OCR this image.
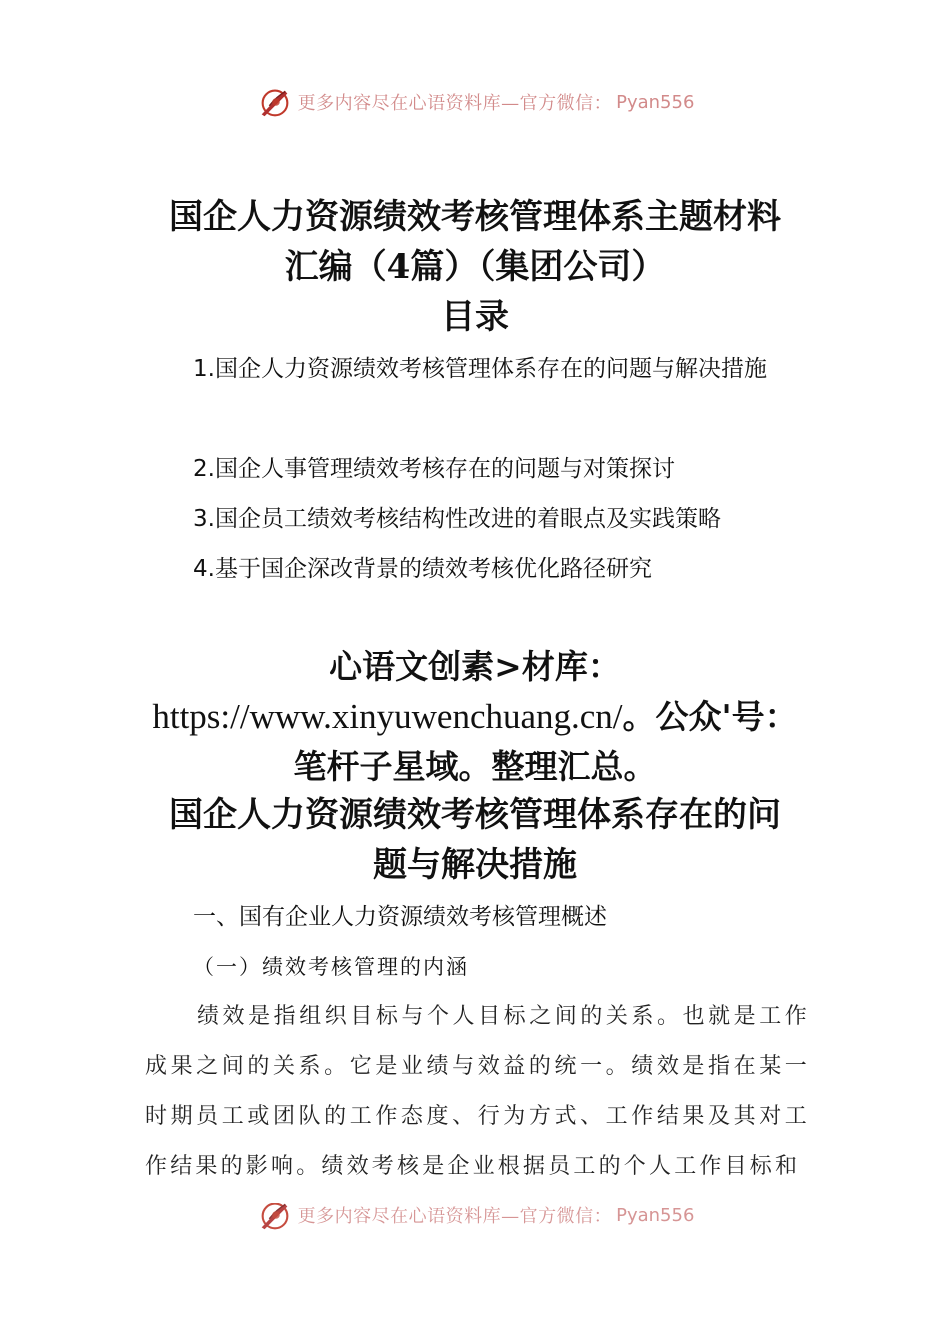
更多内容尽在心语资料库—官方微信： Pyan556
国企人力资源绩效考核管理体系主题材料
汇编（4篇）（集团公司）
目录
1.国企人力资源绩效考核管理体系存在的问题与解决措施
2.国企人事管理绩效考核存在的问题与对策探讨
3.国企员工绩效考核结构性改进的着眼点及实践策略
4.基于国企深改背景的绩效考核优化路径研究
心语文创素>材库：https://www.xinyuwenchuang.cn/。公众'号：笔杆子星域。整理汇总。
国企人力资源绩效考核管理体系存在的问
题与解决措施
一、国有企业人力资源绩效考核管理概述
（一）绩效考核管理的内涵
绩效是指组织目标与个人目标之间的关系。也就是工作成果之间的关系。它是业绩与效益的统一。绩效是指在某一时期员工或团队的工作态度、行为方式、工作结果及其对工作结果的影响。绩效考核是企业根据员工的个人工作目标和
更多内容尽在心语资料库—官方微信： Pyan556
